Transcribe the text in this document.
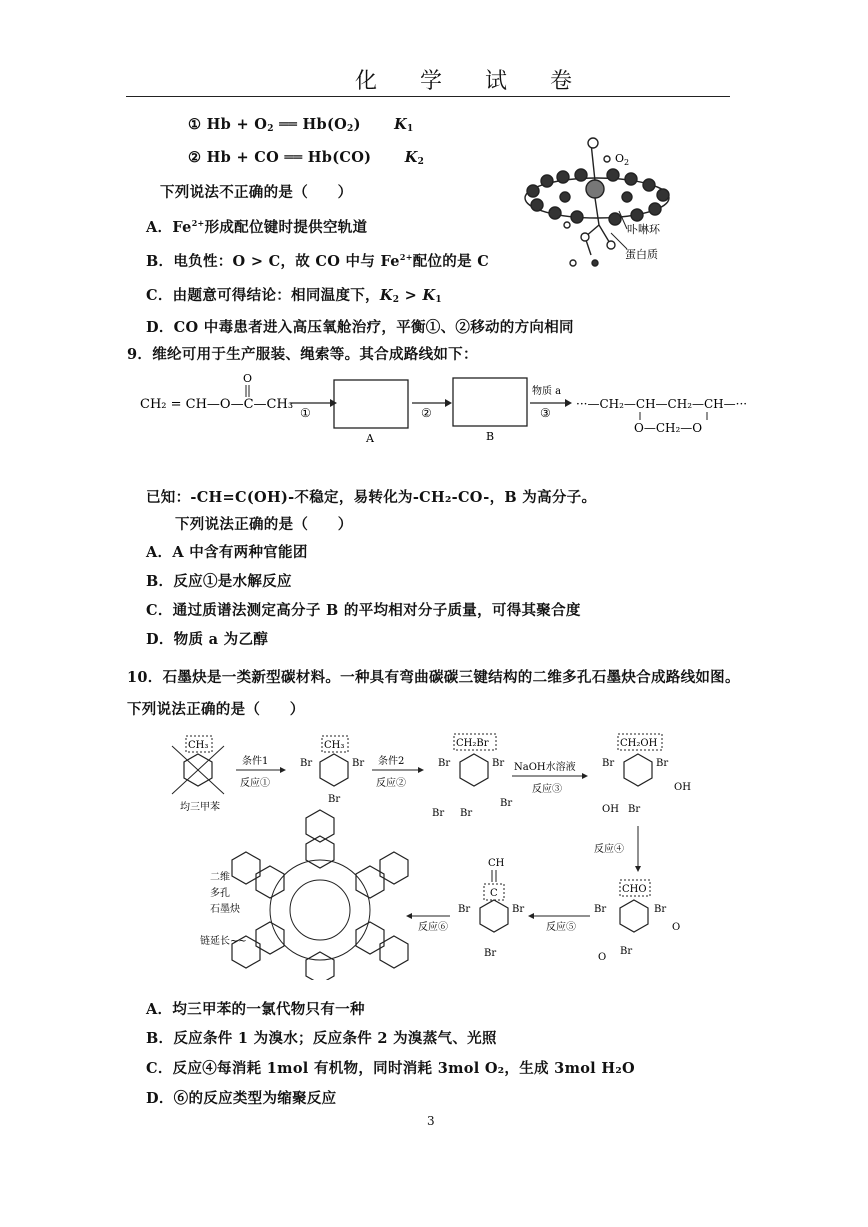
化 学 试 卷
① $Hb + O_2$ ══ $Hb(O_2)$ $K_1$
② Hb + CO ══ Hb(CO) $K_2$
下列说法不正确的是（　　）
A．$Fe^{2+}$形成配位键时提供空轨道
B．电负性：O > C，故 CO 中与 $Fe^{2+}$配位的是 C
C．由题意可得结论：相同温度下，$K_2 > K_1$
D．CO 中毒患者进入高压氧舱治疗，平衡①、②移动的方向相同
$O_2$
卟啉环
蛋白质
9．维纶可用于生产服装、绳索等。其合成路线如下：
CH₂ = CH—O—C—CH₃
O
①
A
②
B
物质 a
③
···—CH₂—CH—CH₂—CH—···
O—CH₂—O
已知：-CH=C(OH)-不稳定，易转化为-CH₂-CO-，B 为高分子。
下列说法正确的是（　　）
A．A 中含有两种官能团
B．反应①是水解反应
C．通过质谱法测定高分子 B 的平均相对分子质量，可得其聚合度
D．物质 a 为乙醇
10．石墨炔是一类新型碳材料。一种具有弯曲碳碳三键结构的二维多孔石墨炔合成路线如图。
下列说法正确的是（　　）
CH₃
均三甲苯
条件1
反应①
CH₃
Br	Br
Br
条件2
反应②
CH₂Br
Br	Br
Br Br
Br
NaOH水溶液
反应③
CH₂OH
Br	Br
OH Br
OH
反应④
CHO
Br	Br
Br
O
O
反应⑤
CH
C
Br	Br
Br
反应⑥
二维
多孔
石墨炔
链延长~~
A．均三甲苯的一氯代物只有一种
B．反应条件 1 为溴水；反应条件 2 为溴蒸气、光照
C．反应④每消耗 1mol 有机物，同时消耗 3mol O₂，生成 3mol H₂O
D．⑥的反应类型为缩聚反应
3
